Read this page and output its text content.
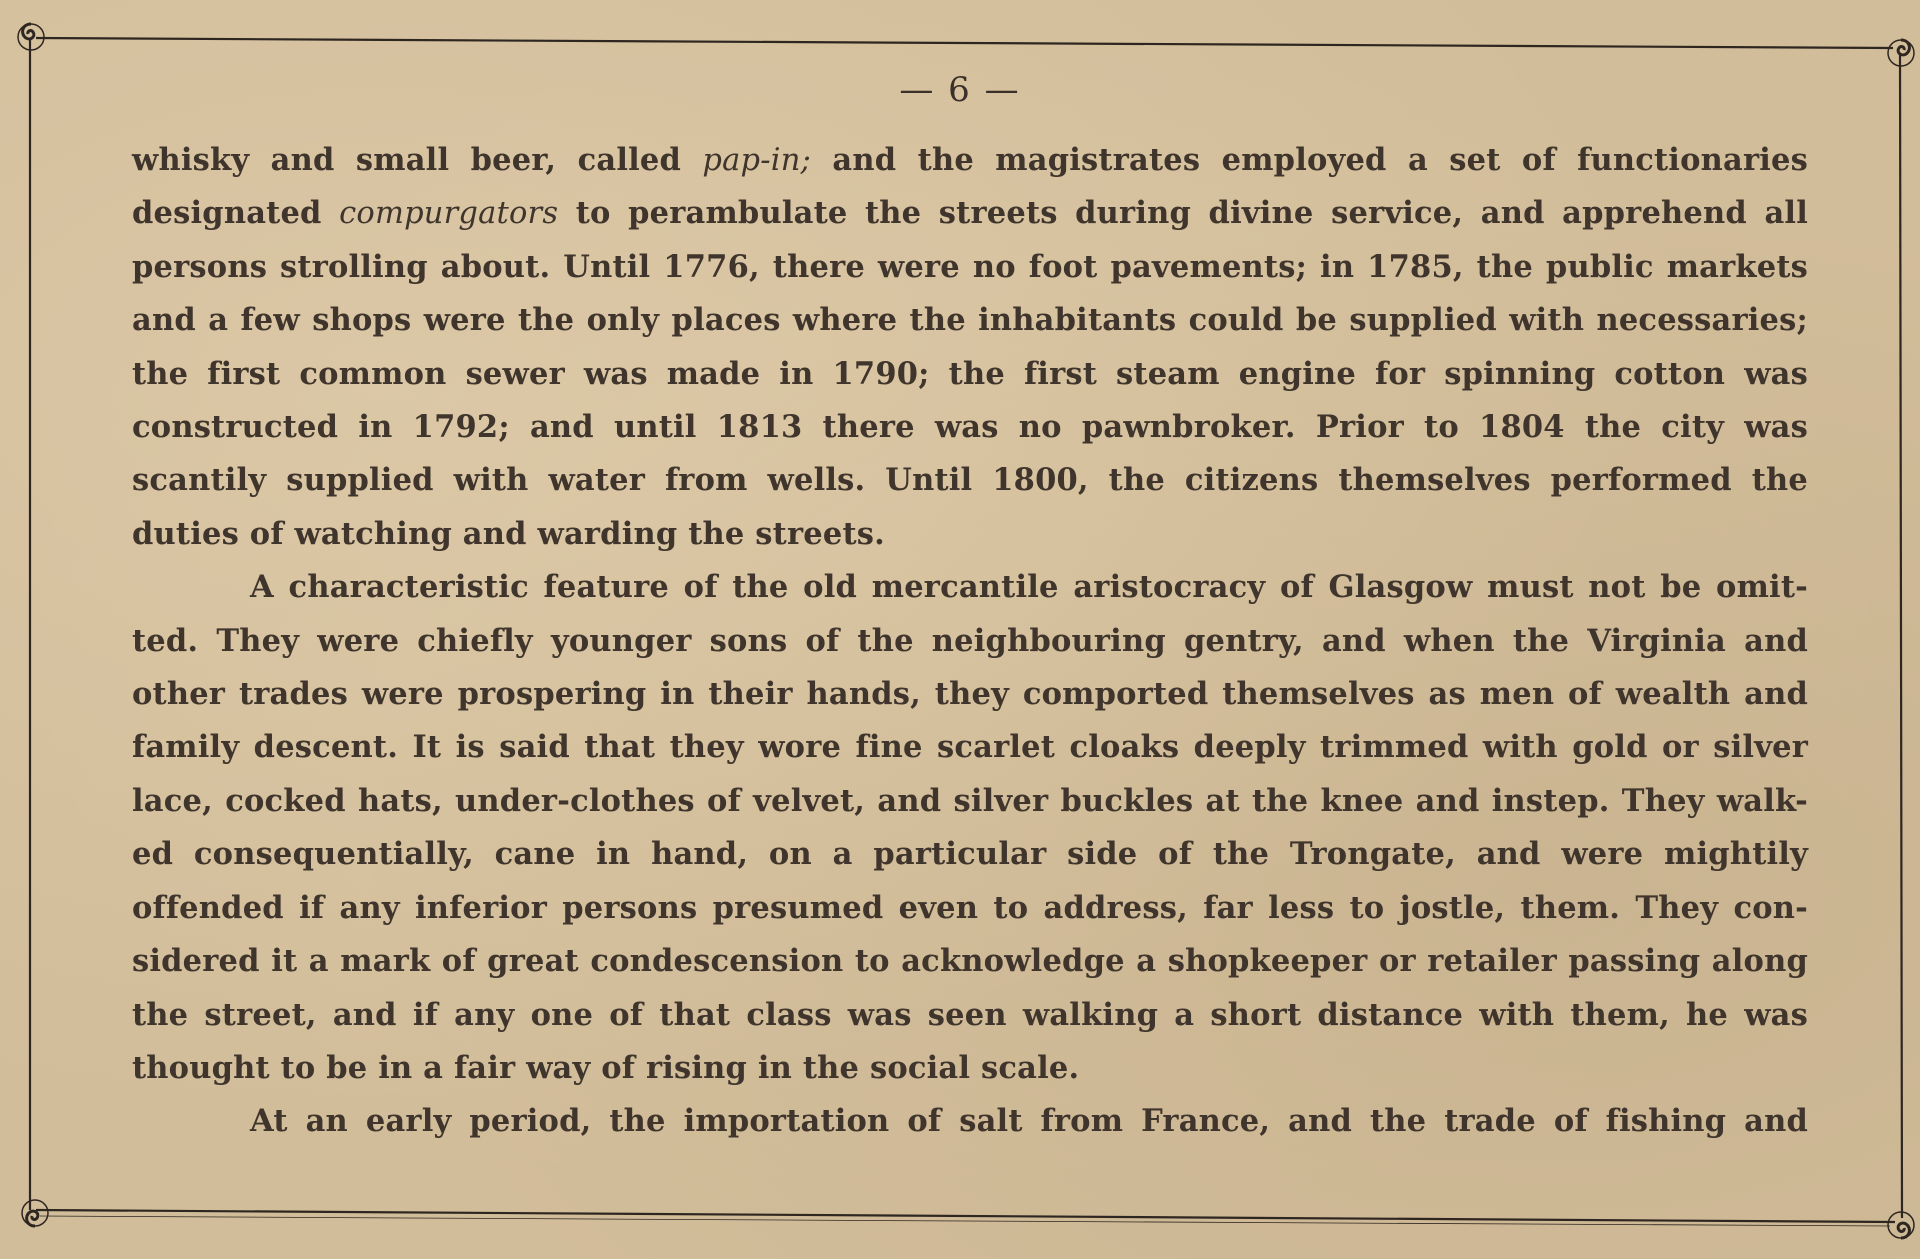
— 6 —
whisky and small beer, called pap-in; and the magistrates employed a set of functionaries
designated compurgators to perambulate the streets during divine service, and apprehend all
persons strolling about. Until 1776, there were no foot pavements; in 1785, the public markets
and a few shops were the only places where the inhabitants could be supplied with necessaries;
the first common sewer was made in 1790; the first steam engine for spinning cotton was
constructed in 1792; and until 1813 there was no pawnbroker. Prior to 1804 the city was
scantily supplied with water from wells. Until 1800, the citizens themselves performed the
duties of watching and warding the streets.
A characteristic feature of the old mercantile aristocracy of Glasgow must not be omit-
ted. They were chiefly younger sons of the neighbouring gentry, and when the Virginia and
other trades were prospering in their hands, they comported themselves as men of wealth and
family descent. It is said that they wore fine scarlet cloaks deeply trimmed with gold or silver
lace, cocked hats, under-clothes of velvet, and silver buckles at the knee and instep. They walk-
ed consequentially, cane in hand, on a particular side of the Trongate, and were mightily
offended if any inferior persons presumed even to address, far less to jostle, them. They con-
sidered it a mark of great condescension to acknowledge a shopkeeper or retailer passing along
the street, and if any one of that class was seen walking a short distance with them, he was
thought to be in a fair way of rising in the social scale.
At an early period, the importation of salt from France, and the trade of fishing and
